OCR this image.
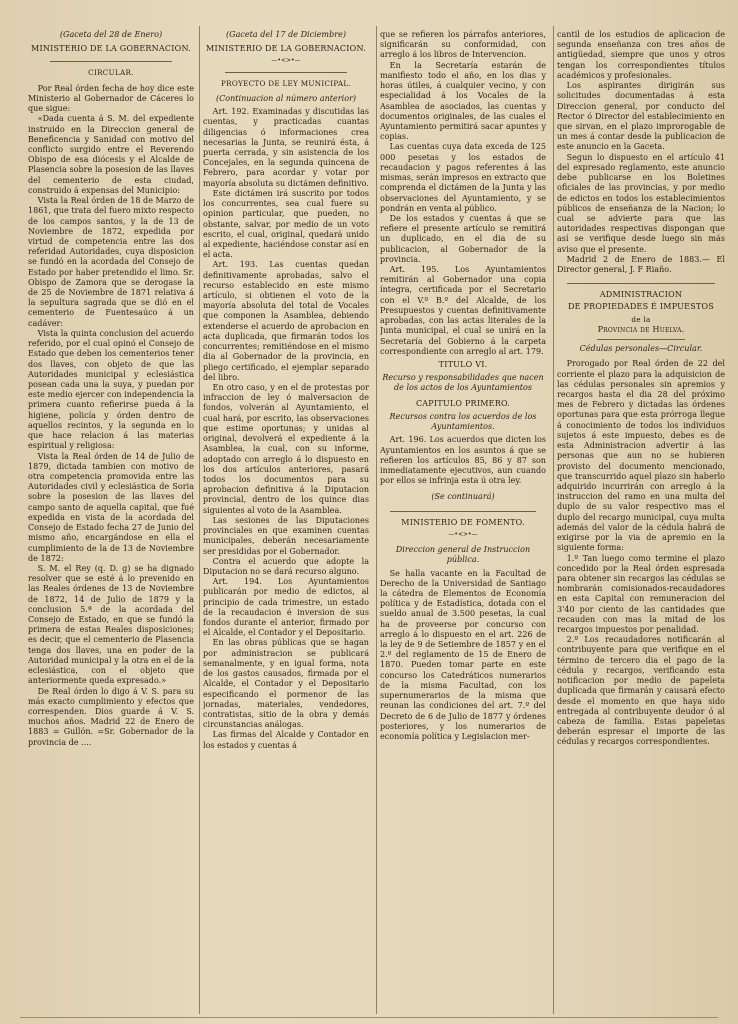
(Gaceta del 28 de Enero)

MINISTERIO DE LA GOBERNACION.

CIRCULAR.

Por Real órden fecha de hoy dice este Ministerio al Gobernador de Cáceres lo que sigue:

«Dada cuenta á S. M. del expediente instruido en la Direccion general de Beneficencia y Sanidad con motivo del conflicto surgido entre el Reverendo Obispo de esa diócesis y el Alcalde de Plasencia sobre la posesion de las llaves del cementerio de esta ciudad, construido á expensas del Municipio:

Vista la Real órden de 18 de Marzo de 1861, que trata del fuero mixto respecto de los campos santos, y la de 13 de Noviembre de 1872, expedida por virtud de competencia entre las dos referidad Autoridades, cuya disposicion se fundó en la acordada del Consejo de Estado por haber pretendido el limo. Sr. Obispo de Zamora que se derogase la de 25 de Noviembre de 1871 relativa á la sepultura sagrada que se dió en el cementerio de Fuentesaúco á un cadáver:

Vista la quinta conclusion del acuerdo referido, por el cual opinó el Consejo de Estado que deben los cementerios tener dos llaves, con objeto de que las Autoridades municipal y eclesiástica posean cada una la suya, y puedan por este medio ejercer con independencia la primera cuanto refierirse pueda á la higiene, policía y órden dentro de aquellos recintos, y la segunda en lo que hace relacion á las materias espiritual y religiosa:

Vista la Real órden de 14 de Julio de 1879, dictada tambien con motivo de otra competencia promovida entre las Autoridades civil y eclesiástica de Soria sobre la posesion de las llaves del campo santo de aquella capital, que fué expedida en vista de la acordada del Consejo de Estado fecha 27 de Junio del mismo año, encargándose en ella el cumplimiento de la de 13 de Noviembre de 1872:

S. M. el Rey (q. D. g) se ha dignado resolver que se esté á lo prevenido en las Reales órdenes de 13 de Noviembre de 1872, 14 de Julio de 1879 y la conclusion 5.ª de la acordada del Consejo de Estado, en que se fundó la primera de estas Reales disposiciones; es decir, que el cementerio de Plasencia tenga dos llaves, una en poder de la Autoridad municipal y la otra en el de la eclesiástica, con el objeto que anteriormente queda expresado.»

De Real órden lo digo á V. S. para su más exacto cumplimiento y efectos que correspenden. Dios guarde á V. S. muchos años. Madrid 22 de Enero de 1883 = Gullón. =Sr. Gobernador de la provincia de ....

(Gaceta del 17 de Diciembre)

MINISTERIO DE LA GOBERNACION.

—•<>•—

PROYECTO DE LEY MUNICIPAL.

(Continuacion al número anterior)

Art. 192. Examinadas y discutidas las cuentas, y practicadas cuantas diligencias ó informaciones crea necesarias la Junta, se reunirá ésta, á puerta cerrada, y sin asistencia de los Concejales, en la segunda quincena de Febrero, para acordar y votar por mayoría absoluta su dictámen definitivo.

Este dictámen irá suscrito por todos los concurrentes, sea cual fuere su opinion particular, que pueden, no obstante, salvar, por medio de un voto escrito, el cual, original, quedará unido al expediente, haciéndose constar así en el acta.

Art. 193. Las cuentas quedan definitivamente aprobadas, salvo el recurso establecido en este mismo artículo, si obtienen el voto de la mayoría absoluta del total de Vocales que componen la Asamblea, debiendo extenderse el acuerdo de aprobacion en acta duplicada, que firmarán todos los concurrentes; remitiéndose en el mismo dia al Gobernador de la provincia, en pliego certificado, el ejemplar separado del libro.

En otro caso, y en el de protestas por infraccion de ley ó malversacion de fondos, volverán al Ayuntamiento, el cual hará, por escrito, las observaciones que estime oportunas; y unidas al original, devolverá el expediente á la Asamblea, la cual, con su informe, adoptado con arreglo á lo dispuesto en los dos artículos anteriores, pasará todos los documentos para su aprobacion definitiva á la Diputacion provincial, dentro de los quince dias siguientes al voto de la Asamblea.

Las sesiones de las Diputaciones provinciales en que examinen cuentas municipales, deberán necesariamente ser presididas por el Gobernador.

Contra el acuerdo que adopte la Diputacion no se dará recurso alguno.

Art. 194. Los Ayuntamientos publicarán por medio de edictos, al principio de cada trimestre, un estado de la recaudacion é inversion de sus fondos durante el anterior, firmado por el Alcalde, el Contador y el Depositario.

En las obras públicas que se hagan por administracion se publicará semanalmente, y en igual forma, nota de los gastos causados, firmada por el Alcalde, el Contador y el Depositario especificando el pormenor de las jornadas, materiales, vendedores, contratistas, sitio de la obra y demás circunstancias análogas.

Las firmas del Alcalde y Contador en los estados y cuentas á

que se refieren los párrafos anteriores, significarán su conformidad, con arreglo á los libros de Intervencion.

En la Secretaría estarán de manifiesto todo el año, en los dias y horas útiles, á cualquier vecino, y con especialidad á los Vocales de la Asamblea de asociados, las cuentas y documentos originales, de las cuales el Ayuntamiento permitirá sacar apuntes y copias.

Las cuentas cuya data exceda de 125 000 pesetas y los estados de recaudacion y pagos referentes á las mismas, serán impresos en extracto que comprenda el dictámen de la Junta y las observaciones del Ayuntamiento, y se pondrán en venta al público.

De los estados y cuentas á que se refiere el presente artículo se remitirá un duplicado, en el dia de su publicacion, al Gobernador de la provincia.

Art. 195. Los Ayuntamientos remitirán al Gobernador una copia íntegra, certificada por el Secretario con el V.º B.º del Alcalde, de los Presupuestos y cuentas definitivamente aprobadas, con las actas literales de la Junta municipal, el cual se unirá en la Secretaría del Gobierno á la carpeta correspondiente con arreglo al art. 179.

TITULO VI.

Recurso y responsabilidades que nacen de los actos de los Ayuntamientos

CAPITULO PRIMERO.

Recursos contra los acuerdos de los Ayuntamientos.

Art. 196. Los acuerdos que dicten los Ayuntamientos en los asuntos á que se refieren los artículos 85, 86 y 87 son inmediatamente ejecutivos, aun cuando por ellos se infrinja esta ú otra ley.

(Se continuará)

MINISTERIO DE FOMENTO.

—•<>•—

Direccion general de Instruccion pública.

Se halla vacante en la Facultad de Derecho de la Universidad de Santiago la cátedra de Elementos de Economía política y de Estadística, dotada con el sueldo anual de 3.500 pesetas, la cual ha de proveerse por concurso con arreglo á lo dispuesto en el art. 226 de la ley de 9 de Setiembre de 1857 y en el 2.º del reglamento de 15 de Enero de 1870. Pueden tomar parte en este concurso los Catedráticos numerarios de la misma Facultad, con los supernumerarios de la misma que reunan las condiciones del art. 7.º del Decreto de 6 de Julio de 1877 y órdenes posteriores, y los numerarios de economía política y Legislacion mer-

cantil de los estudios de aplicacion de segunda enseñanza con tres años de antigüedad, siempre que unos y otros tengan los correspondientes títulos académicos y profesionales.

Los aspirantes dirigirán sus solicitudes documentadas á esta Direccion general, por conducto del Rector ó Director del establecimiento en que sirvan, en el plazo improrogable de un mes á contar desde la publicacion de este anuncio en la Gaceta.

Segun lo dispuesto en el artículo 41 del expresado reglamento, este anuncio debe publicarse en los Boletines oficiales de las provincias, y por medio de edictos en todos los establecimientos públicos de enseñanza de la Nacion; lo cual se advierte para que las autoridades respectivas dispongan que así se verifique desde luego sin más aviso que el presente.

Madrid 2 de Enero de 1883.— El Director general, J. F Riaño.

ADMINISTRACION

DE PROPIEDADES É IMPUESTOS

de la

Provincia de Huelva.

Cédulas personales—Circular.

Prorogado por Real órden de 22 del corriente el plazo para la adquisicion de las cédulas personales sin apremios y recargos hasta el dia 28 del próximo mes de Febrero y dictadas las órdenes oportunas para que esta prórroga llegue á conocimiento de todos los individuos sujetos á este impuesto, debes es de esta Administracion advertir á las personas que aun no se hubieren provisto del documento mencionado, que transcurrido aquel plazo sin haberlo adquirido incurrirán con arreglo á la instruccion del ramo en una multa del duplo de su valor respectivo mas el duplo del recargo municipal, cuya multa además del valor de la cédula habrá de exigirse por la via de apremio en la siguiente forma:

1.º Tan luego como termine el plazo concedido por la Real órden espresada para obtener sin recargos las cédulas se nombrarán comisionados-recaudadores en esta Capital con remuneracion del 3'40 por ciento de las cantidades que recauden con mas la mitad de los recargos impuestos por penalidad.

2.º Los recaudadores notificarán al contribuyente para que verifique en el término de tercero dia el pago de la cédula y recargos, verificando esta notificacion por medio de papeleta duplicada que firmarán y causará efecto desde el momento en que haya sido entregada al contribuyente deudor ó al cabeza de familia. Estas papeletas deberán espresar el importe de las cédulas y recargos correspondientes.
